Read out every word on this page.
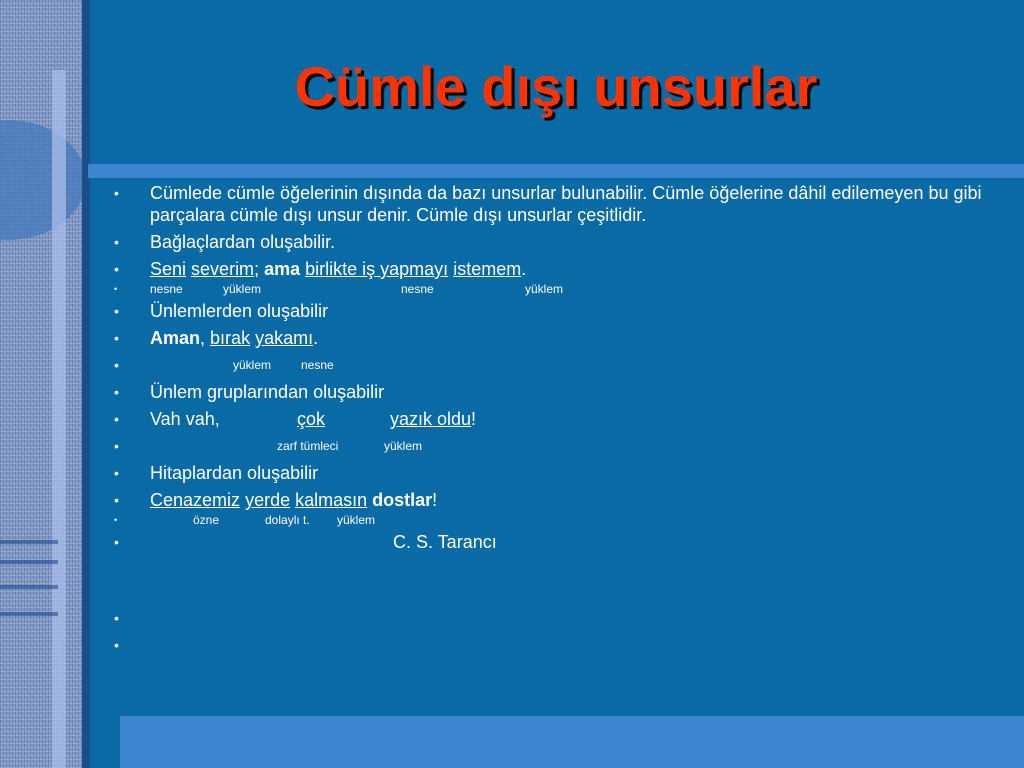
Cümle dışı unsurlar
• Cümlede cümle öğelerinin dışında da bazı unsurlar bulunabilir. Cümle öğelerine dâhil edilemeyen bu gibi parçalara cümle dışı unsur denir. Cümle dışı unsurlar çeşitlidir.
• Bağlaçlardan oluşabilir.
• Seni severim; ama birlikte iş yapmayı istemem.
•	nesne	yüklem	nesne	yüklem
• Ünlemlerden oluşabilir
• Aman, bırak yakamı.
•	yüklem nesne
• Ünlem gruplarından oluşabilir
• Vah vah,	çok	yazık oldu!
•	zarf tümleci	yüklem
• Hitaplardan oluşabilir
• Cenazemiz yerde kalmasın dostlar!
•	özne	dolaylı t. yüklem
•	C. S. Tarancı
•

•
